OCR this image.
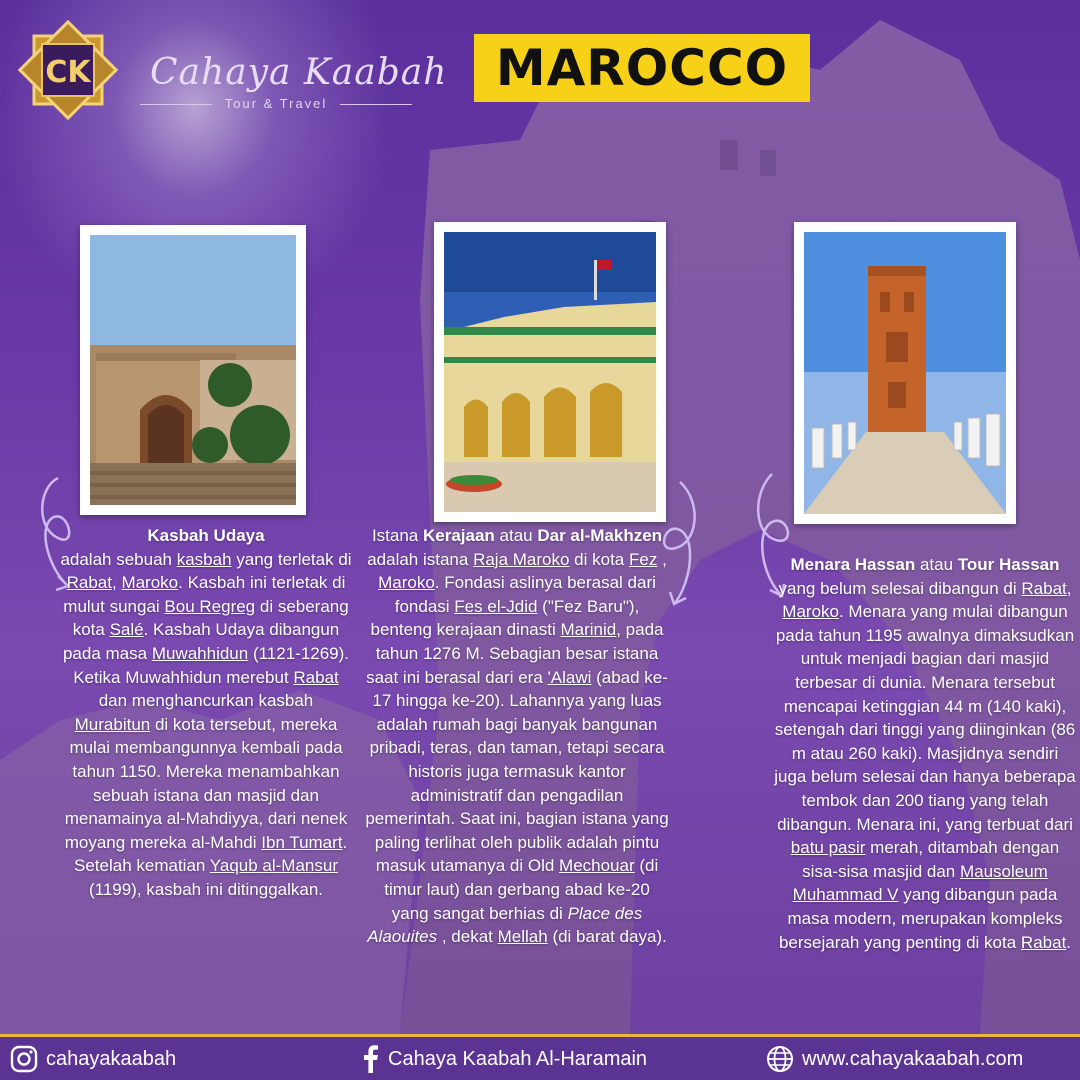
CK Cahaya Kaabah
Tour & Travel
MAROCCO
Kasbah Udaya
adalah sebuah kasbah yang terletak di Rabat, Maroko. Kasbah ini terletak di mulut sungai Bou Regreg di seberang kota Salé. Kasbah Udaya dibangun pada masa Muwahhidun (1121-1269). Ketika Muwahhidun merebut Rabat dan menghancurkan kasbah Murabitun di kota tersebut, mereka mulai membangunnya kembali pada tahun 1150. Mereka menambahkan sebuah istana dan masjid dan menamainya al-Mahdiyya, dari nenek moyang mereka al-Mahdi Ibn Tumart. Setelah kematian Yaqub al-Mansur (1199), kasbah ini ditinggalkan.
Istana Kerajaan atau Dar al-Makhzen
adalah istana Raja Maroko di kota Fez , Maroko. Fondasi aslinya berasal dari fondasi Fes el-Jdid ("Fez Baru"), benteng kerajaan dinasti Marinid, pada tahun 1276 M. Sebagian besar istana saat ini berasal dari era 'Alawi (abad ke-17 hingga ke-20). Lahannya yang luas adalah rumah bagi banyak bangunan pribadi, teras, dan taman, tetapi secara historis juga termasuk kantor administratif dan pengadilan pemerintah. Saat ini, bagian istana yang paling terlihat oleh publik adalah pintu masuk utamanya di Old Mechouar (di timur laut) dan gerbang abad ke-20 yang sangat berhias di Place des Alaouites , dekat Mellah (di barat daya).
Menara Hassan atau Tour Hassan yang belum selesai dibangun di Rabat, Maroko. Menara yang mulai dibangun pada tahun 1195 awalnya dimaksudkan untuk menjadi bagian dari masjid terbesar di dunia. Menara tersebut mencapai ketinggian 44 m (140 kaki), setengah dari tinggi yang diinginkan (86 m atau 260 kaki). Masjidnya sendiri juga belum selesai dan hanya beberapa tembok dan 200 tiang yang telah dibangun. Menara ini, yang terbuat dari batu pasir merah, ditambah dengan sisa-sisa masjid dan Mausoleum Muhammad V yang dibangun pada masa modern, merupakan kompleks bersejarah yang penting di kota Rabat.
cahayakaabah	Cahaya Kaabah Al-Haramain	www.cahayakaabah.com
